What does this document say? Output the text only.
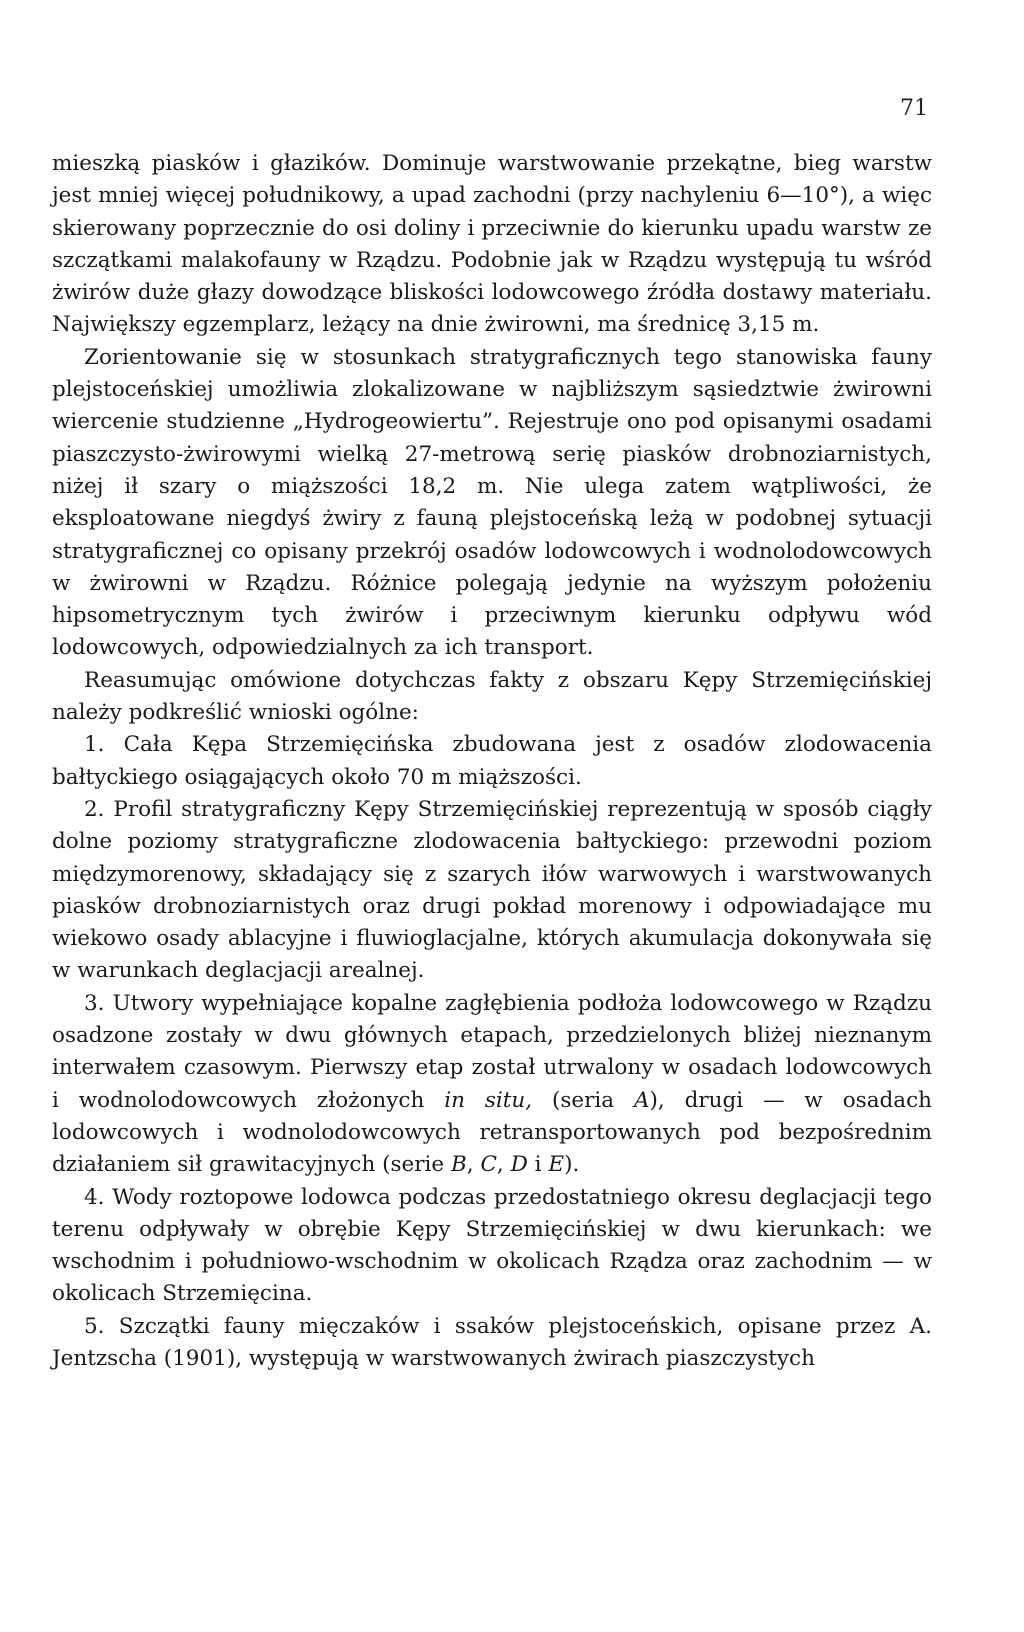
71

mieszką piasków i głazików. Dominuje warstwowanie przekątne, bieg warstw jest mniej więcej południkowy, a upad zachodni (przy nachyleniu 6—10°), a więc skierowany poprzecznie do osi doliny i przeciwnie do kierunku upadu warstw ze szczątkami malakofauny w Rządzu. Podobnie jak w Rządzu występują tu wśród żwirów duże głazy dowodzące bliskości lodowcowego źródła dostawy materiału. Największy egzemplarz, leżący na dnie żwirowni, ma średnicę 3,15 m.

Zorientowanie się w stosunkach stratygraficznych tego stanowiska fauny plejstoceńskiej umożliwia zlokalizowane w najbliższym sąsiedztwie żwirowni wiercenie studzienne „Hydrogeowiertu”. Rejestruje ono pod opisanymi osadami piaszczysto-żwirowymi wielką 27-metrową serię piasków drobnoziarnistych, niżej ił szary o miąższości 18,2 m. Nie ulega zatem wątpliwości, że eksploatowane niegdyś żwiry z fauną plejstoceńską leżą w podobnej sytuacji stratygraficznej co opisany przekrój osadów lodowcowych i wodnolodowcowych w żwirowni w Rządzu. Różnice polegają jedynie na wyższym położeniu hipsometrycznym tych żwirów i przeciwnym kierunku odpływu wód lodowcowych, odpowiedzialnych za ich transport.

Reasumując omówione dotychczas fakty z obszaru Kępy Strzemięcińskiej należy podkreślić wnioski ogólne:

1. Cała Kępa Strzemięcińska zbudowana jest z osadów zlodowacenia bałtyckiego osiągających około 70 m miąższości.

2. Profil stratygraficzny Kępy Strzemięcińskiej reprezentują w sposób ciągły dolne poziomy stratygraficzne zlodowacenia bałtyckiego: przewodni poziom międzymorenowy, składający się z szarych iłów warwowych i warstwowanych piasków drobnoziarnistych oraz drugi pokład morenowy i odpowiadające mu wiekowo osady ablacyjne i fluwioglacjalne, których akumulacja dokonywała się w warunkach deglacjacji arealnej.

3. Utwory wypełniające kopalne zagłębienia podłoża lodowcowego w Rządzu osadzone zostały w dwu głównych etapach, przedzielonych bliżej nieznanym interwałem czasowym. Pierwszy etap został utrwalony w osadach lodowcowych i wodnolodowcowych złożonych in situ, (seria A), drugi — w osadach lodowcowych i wodnolodowcowych retransportowanych pod bezpośrednim działaniem sił grawitacyjnych (serie B, C, D i E).

4. Wody roztopowe lodowca podczas przedostatniego okresu deglacjacji tego terenu odpływały w obrębie Kępy Strzemięcińskiej w dwu kierunkach: we wschodnim i południowo-wschodnim w okolicach Rządza oraz zachodnim — w okolicach Strzemięcina.

5. Szczątki fauny mięczaków i ssaków plejstoceńskich, opisane przez A. Jentzscha (1901), występują w warstwowanych żwirach piaszczystych
